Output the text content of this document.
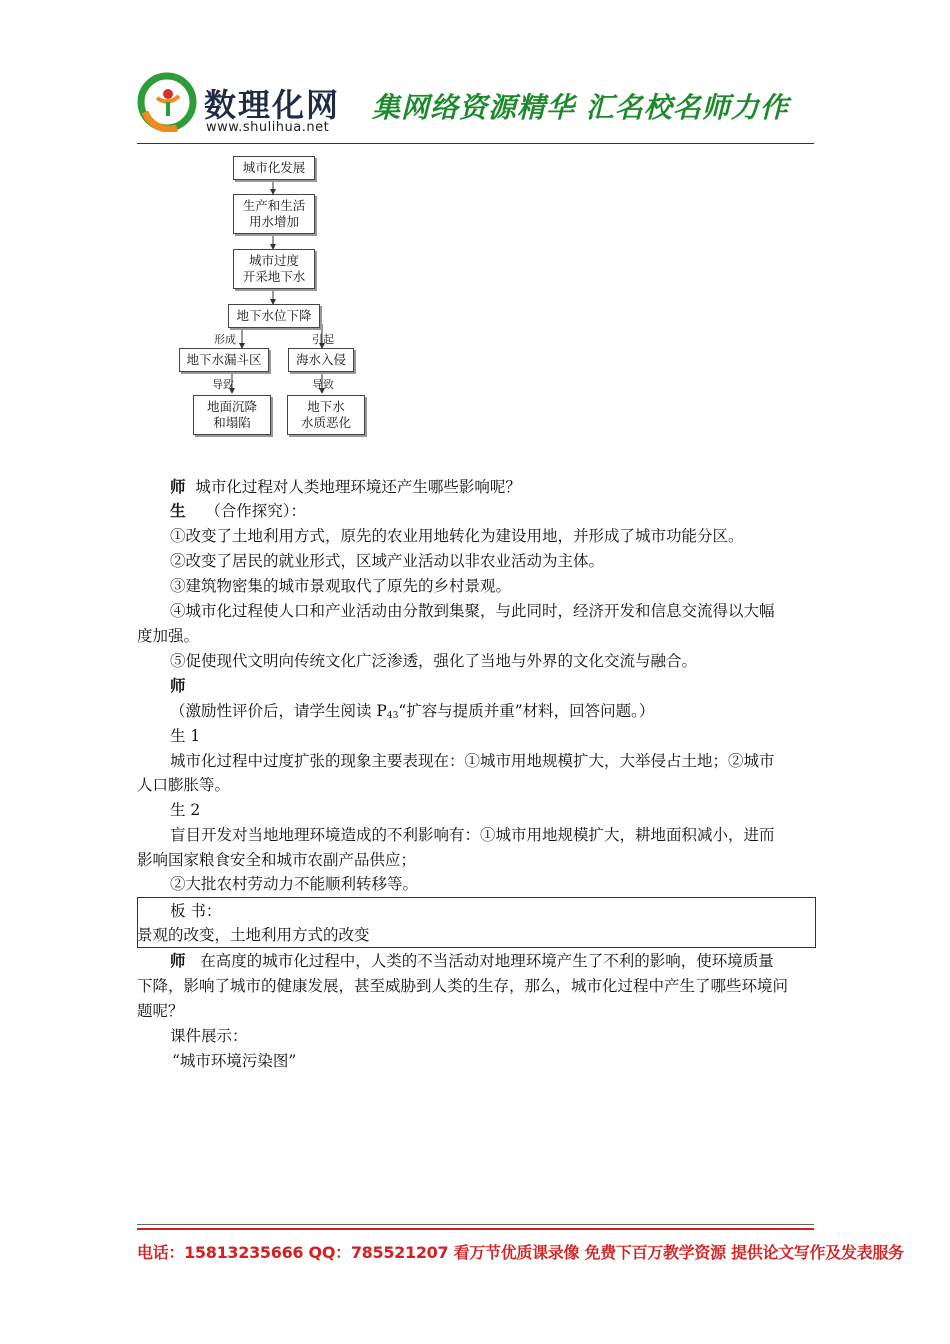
数理化网
www.shulihua.net
集网络资源精华 汇名校名师力作
城市化发展
生产和生活
用水增加
城市过度
开采地下水
地下水位下降
形成	引起
地下水漏斗区	海水入侵
导致	导致
地面沉降
和塌陷
地下水
水质恶化
师 城市化过程对人类地理环境还产生哪些影响呢？
生 （合作探究）：
①改变了土地利用方式，原先的农业用地转化为建设用地，并形成了城市功能分区。
②改变了居民的就业形式，区域产业活动以非农业活动为主体。
③建筑物密集的城市景观取代了原先的乡村景观。
④城市化过程使人口和产业活动由分散到集聚，与此同时，经济开发和信息交流得以大幅
度加强。
⑤促使现代文明向传统文化广泛渗透，强化了当地与外界的文化交流与融合。
师
（激励性评价后，请学生阅读 $P_{43}“$扩容与提质并重”材料，回答问题。）
生 1
城市化过程中过度扩张的现象主要表现在：①城市用地规模扩大，大举侵占土地；②城市
人口膨胀等。
生 2
盲目开发对当地地理环境造成的不利影响有：①城市用地规模扩大，耕地面积减小，进而
影响国家粮食安全和城市农副产品供应；
②大批农村劳动力不能顺利转移等。
板 书：
景观的改变，土地利用方式的改变
师 在高度的城市化过程中，人类的不当活动对地理环境产生了不利的影响，使环境质量
下降，影响了城市的健康发展，甚至威胁到人类的生存，那么，城市化过程中产生了哪些环境问
题呢？
课件展示：
“城市环境污染图”
电话：15813235666 QQ：785521207 看万节优质课录像 免费下百万教学资源 提供论文写作及发表服务
